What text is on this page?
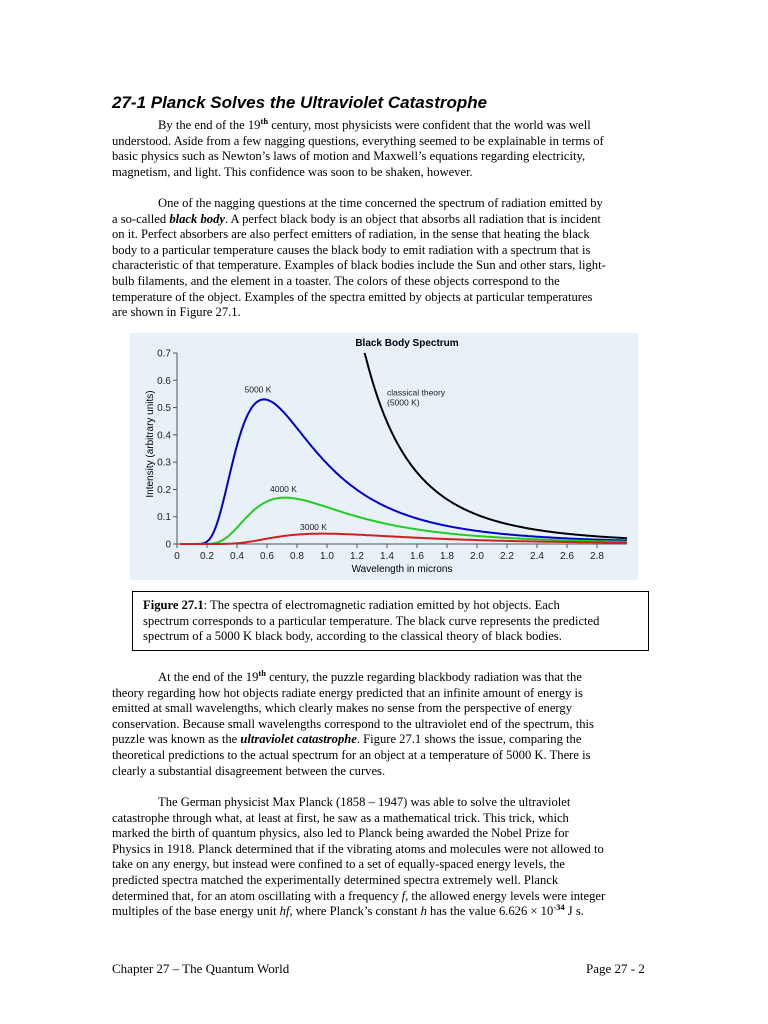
27-1 Planck Solves the Ultraviolet Catastrophe

By the end of the 19th century, most physicists were confident that the world was well
understood. Aside from a few nagging questions, everything seemed to be explainable in terms of
basic physics such as Newton’s laws of motion and Maxwell’s equations regarding electricity,
magnetism, and light. This confidence was soon to be shaken, however.

One of the nagging questions at the time concerned the spectrum of radiation emitted by
a so-called black body. A perfect black body is an object that absorbs all radiation that is incident
on it. Perfect absorbers are also perfect emitters of radiation, in the sense that heating the black
body to a particular temperature causes the black body to emit radiation with a spectrum that is
characteristic of that temperature. Examples of black bodies include the Sun and other stars, light-
bulb filaments, and the element in a toaster. The colors of these objects correspond to the
temperature of the object. Examples of the spectra emitted by objects at particular temperatures
are shown in Figure 27.1.

0
0.1
0.2
0.3
0.4
0.5
0.6
0.7
0 0.2 0.4 0.6 0.8 1.0 1.2 1.4 1.6 1.8 2.0 2.2 2.4 2.6 2.8
5000 K
4000 K
3000 K
classical theory
(5000 K)
Black Body Spectrum
Wavelength in microns
Intensity (arbitrary units)

Figure 27.1: The spectra of electromagnetic radiation emitted by hot objects. Each
spectrum corresponds to a particular temperature. The black curve represents the predicted
spectrum of a 5000 K black body, according to the classical theory of black bodies.

At the end of the 19th century, the puzzle regarding blackbody radiation was that the
theory regarding how hot objects radiate energy predicted that an infinite amount of energy is
emitted at small wavelengths, which clearly makes no sense from the perspective of energy
conservation. Because small wavelengths correspond to the ultraviolet end of the spectrum, this
puzzle was known as the ultraviolet catastrophe. Figure 27.1 shows the issue, comparing the
theoretical predictions to the actual spectrum for an object at a temperature of 5000 K. There is
clearly a substantial disagreement between the curves.

The German physicist Max Planck (1858 – 1947) was able to solve the ultraviolet
catastrophe through what, at least at first, he saw as a mathematical trick. This trick, which
marked the birth of quantum physics, also led to Planck being awarded the Nobel Prize for
Physics in 1918. Planck determined that if the vibrating atoms and molecules were not allowed to
take on any energy, but instead were confined to a set of equally-spaced energy levels, the
predicted spectra matched the experimentally determined spectra extremely well. Planck
determined that, for an atom oscillating with a frequency f, the allowed energy levels were integer
multiples of the base energy unit hf, where Planck’s constant h has the value $6.626 \times 10^{-34}$ J s.

Chapter 27 – The Quantum World	Page 27 - 2
